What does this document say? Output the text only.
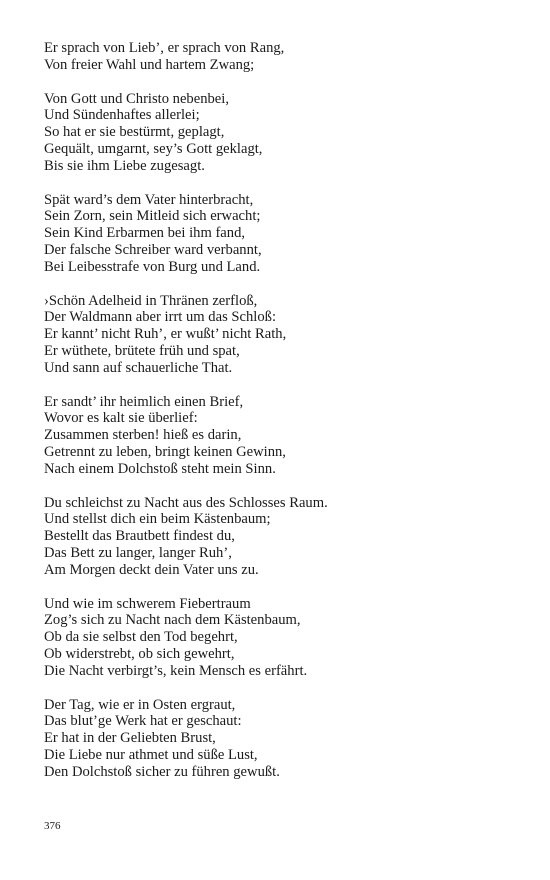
Er sprach von Lieb’, er sprach von Rang,
Von freier Wahl und hartem Zwang;
Von Gott und Christo nebenbei,
Und Sündenhaftes allerlei;
So hat er sie bestürmt, geplagt,
Gequält, umgarnt, sey’s Gott geklagt,
Bis sie ihm Liebe zugesagt.
Spät ward’s dem Vater hinterbracht,
Sein Zorn, sein Mitleid sich erwacht;
Sein Kind Erbarmen bei ihm fand,
Der falsche Schreiber ward verbannt,
Bei Leibesstrafe von Burg und Land.
›Schön Adelheid in Thränen zerfloß,
Der Waldmann aber irrt um das Schloß:
Er kannt’ nicht Ruh’, er wußt’ nicht Rath,
Er wüthete, brütete früh und spat,
Und sann auf schauerliche That.
Er sandt’ ihr heimlich einen Brief,
Wovor es kalt sie überlief:
Zusammen sterben! hieß es darin,
Getrennt zu leben, bringt keinen Gewinn,
Nach einem Dolchstoß steht mein Sinn.
Du schleichst zu Nacht aus des Schlosses Raum.
Und stellst dich ein beim Kästenbaum;
Bestellt das Brautbett findest du,
Das Bett zu langer, langer Ruh’,
Am Morgen deckt dein Vater uns zu.
Und wie im schwerem Fiebertraum
Zog’s sich zu Nacht nach dem Kästenbaum,
Ob da sie selbst den Tod begehrt,
Ob widerstrebt, ob sich gewehrt,
Die Nacht verbirgt’s, kein Mensch es erfährt.
Der Tag, wie er in Osten ergraut,
Das blut’ge Werk hat er geschaut:
Er hat in der Geliebten Brust,
Die Liebe nur athmet und süße Lust,
Den Dolchstoß sicher zu führen gewußt.
376
